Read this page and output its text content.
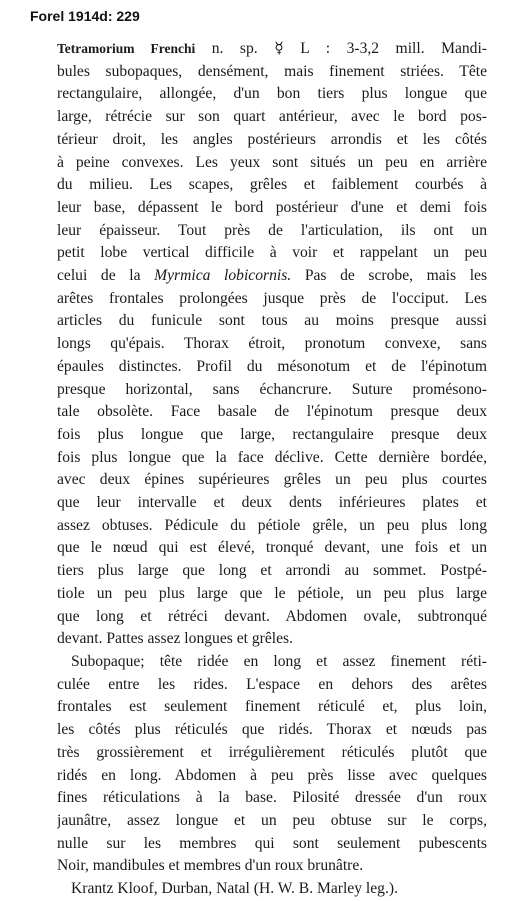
Forel 1914d: 229

Tetramorium Frenchi n. sp. ☿ L : 3-3,2 mill. Mandi-
bules subopaques, densément, mais finement striées. Tête
rectangulaire, allongée, d'un bon tiers plus longue que
large, rétrécie sur son quart antérieur, avec le bord pos-
térieur droit, les angles postérieurs arrondis et les côtés
à peine convexes. Les yeux sont situés un peu en arrière
du milieu. Les scapes, grêles et faiblement courbés à
leur base, dépassent le bord postérieur d'une et demi fois
leur épaisseur. Tout près de l'articulation, ils ont un
petit lobe vertical difficile à voir et rappelant un peu
celui de la Myrmica lobicornis. Pas de scrobe, mais les
arêtes frontales prolongées jusque près de l'occiput. Les
articles du funicule sont tous au moins presque aussi
longs qu'épais. Thorax étroit, pronotum convexe, sans
épaules distinctes. Profil du mésonotum et de l'épinotum
presque horizontal, sans échancrure. Suture promésono-
tale obsolète. Face basale de l'épinotum presque deux
fois plus longue que large, rectangulaire presque deux
fois plus longue que la face déclive. Cette dernière bordée,
avec deux épines supérieures grêles un peu plus courtes
que leur intervalle et deux dents inférieures plates et
assez obtuses. Pédicule du pétiole grêle, un peu plus long
que le nœud qui est élevé, tronqué devant, une fois et un
tiers plus large que long et arrondi au sommet. Postpé-
tiole un peu plus large que le pétiole, un peu plus large
que long et rétréci devant. Abdomen ovale, subtronqué
devant. Pattes assez longues et grêles.

Subopaque; tête ridée en long et assez finement réti-
culée entre les rides. L'espace en dehors des arêtes
frontales est seulement finement réticulé et, plus loin,
les côtés plus réticulés que ridés. Thorax et nœuds pas
très grossièrement et irrégulièrement réticulés plutôt que
ridés en long. Abdomen à peu près lisse avec quelques
fines réticulations à la base. Pilosité dressée d'un roux
jaunâtre, assez longue et un peu obtuse sur le corps,
nulle sur les membres qui sont seulement pubescents
Noir, mandibules et membres d'un roux brunâtre.

Krantz Kloof, Durban, Natal (H. W. B. Marley leg.).
